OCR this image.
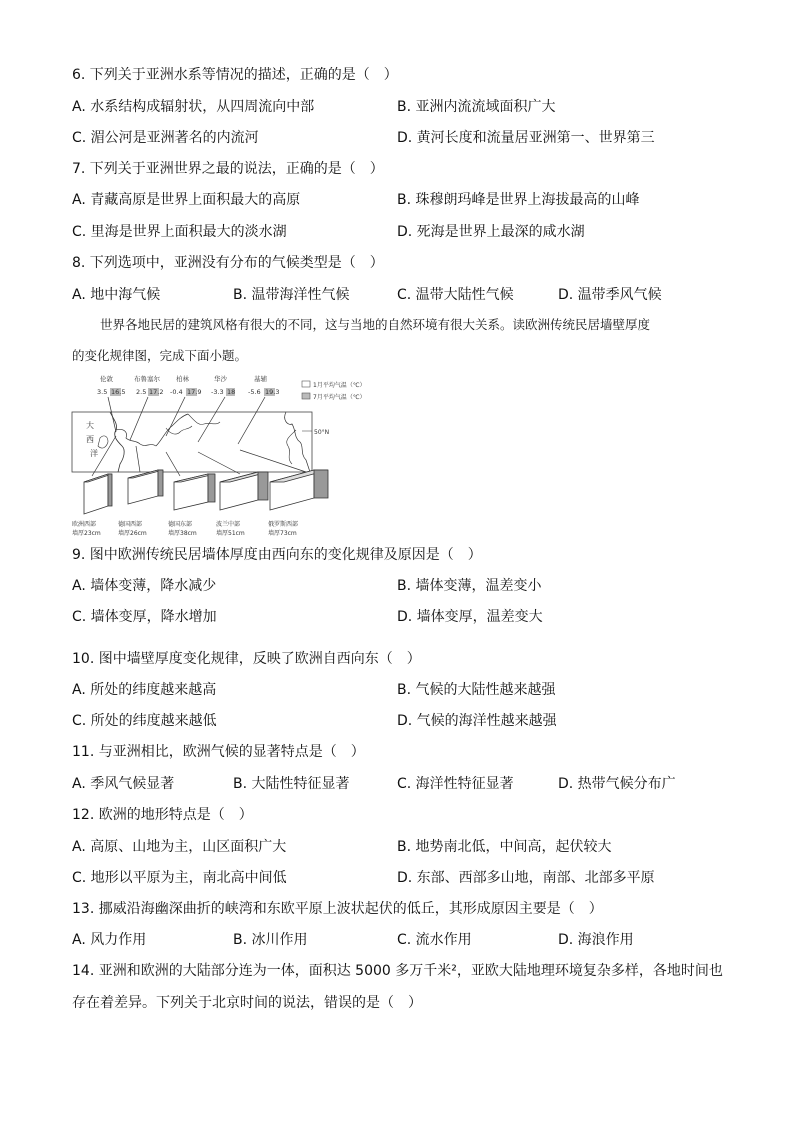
6. 下列关于亚洲水系等情况的描述，正确的是（　）
A. 水系结构成辐射状，从四周流向中部	B. 亚洲内流流域面积广大
C. 湄公河是亚洲著名的内流河	D. 黄河长度和流量居亚洲第一、世界第三
7. 下列关于亚洲世界之最的说法，正确的是（　）
A. 青藏高原是世界上面积最大的高原	B. 珠穆朗玛峰是世界上海拔最高的山峰
C. 里海是世界上面积最大的淡水湖	D. 死海是世界上最深的咸水湖
8. 下列选项中，亚洲没有分布的气候类型是（　）
A. 地中海气候	B. 温带海洋性气候	C. 温带大陆性气候	D. 温带季风气候
世界各地民居的建筑风格有很大的不同，这与当地的自然环境有很大关系。读欧洲传统民居墙壁厚度
的变化规律图，完成下面小题。
伦敦
3.5 16.5
布鲁塞尔
2.5 17.2
柏林
-0.4 17.9
华沙
-3.3 18
基辅
-5.6 19.3
1月平均气温（℃）
7月平均气温（℃）
50°N
大
西
洋
欧洲西部
墙厚23cm
德国西部
墙厚26cm
德国东部
墙厚38cm
波兰中部
墙厚51cm
俄罗斯西部
墙厚73cm
9. 图中欧洲传统民居墙体厚度由西向东的变化规律及原因是（　）
A. 墙体变薄，降水减少	B. 墙体变薄，温差变小
C. 墙体变厚，降水增加	D. 墙体变厚，温差变大
10. 图中墙壁厚度变化规律，反映了欧洲自西向东（　）
A. 所处的纬度越来越高	B. 气候的大陆性越来越强
C. 所处的纬度越来越低	D. 气候的海洋性越来越强
11. 与亚洲相比，欧洲气候的显著特点是（　）
A. 季风气候显著	B. 大陆性特征显著	C. 海洋性特征显著	D. 热带气候分布广
12. 欧洲的地形特点是（　）
A. 高原、山地为主，山区面积广大	B. 地势南北低，中间高，起伏较大
C. 地形以平原为主，南北高中间低	D. 东部、西部多山地，南部、北部多平原
13. 挪威沿海幽深曲折的峡湾和东欧平原上波状起伏的低丘，其形成原因主要是（　）
A. 风力作用	B. 冰川作用	C. 流水作用	D. 海浪作用
14. 亚洲和欧洲的大陆部分连为一体，面积达 5000 多万千米²，亚欧大陆地理环境复杂多样，各地时间也
存在着差异。下列关于北京时间的说法，错误的是（　）
